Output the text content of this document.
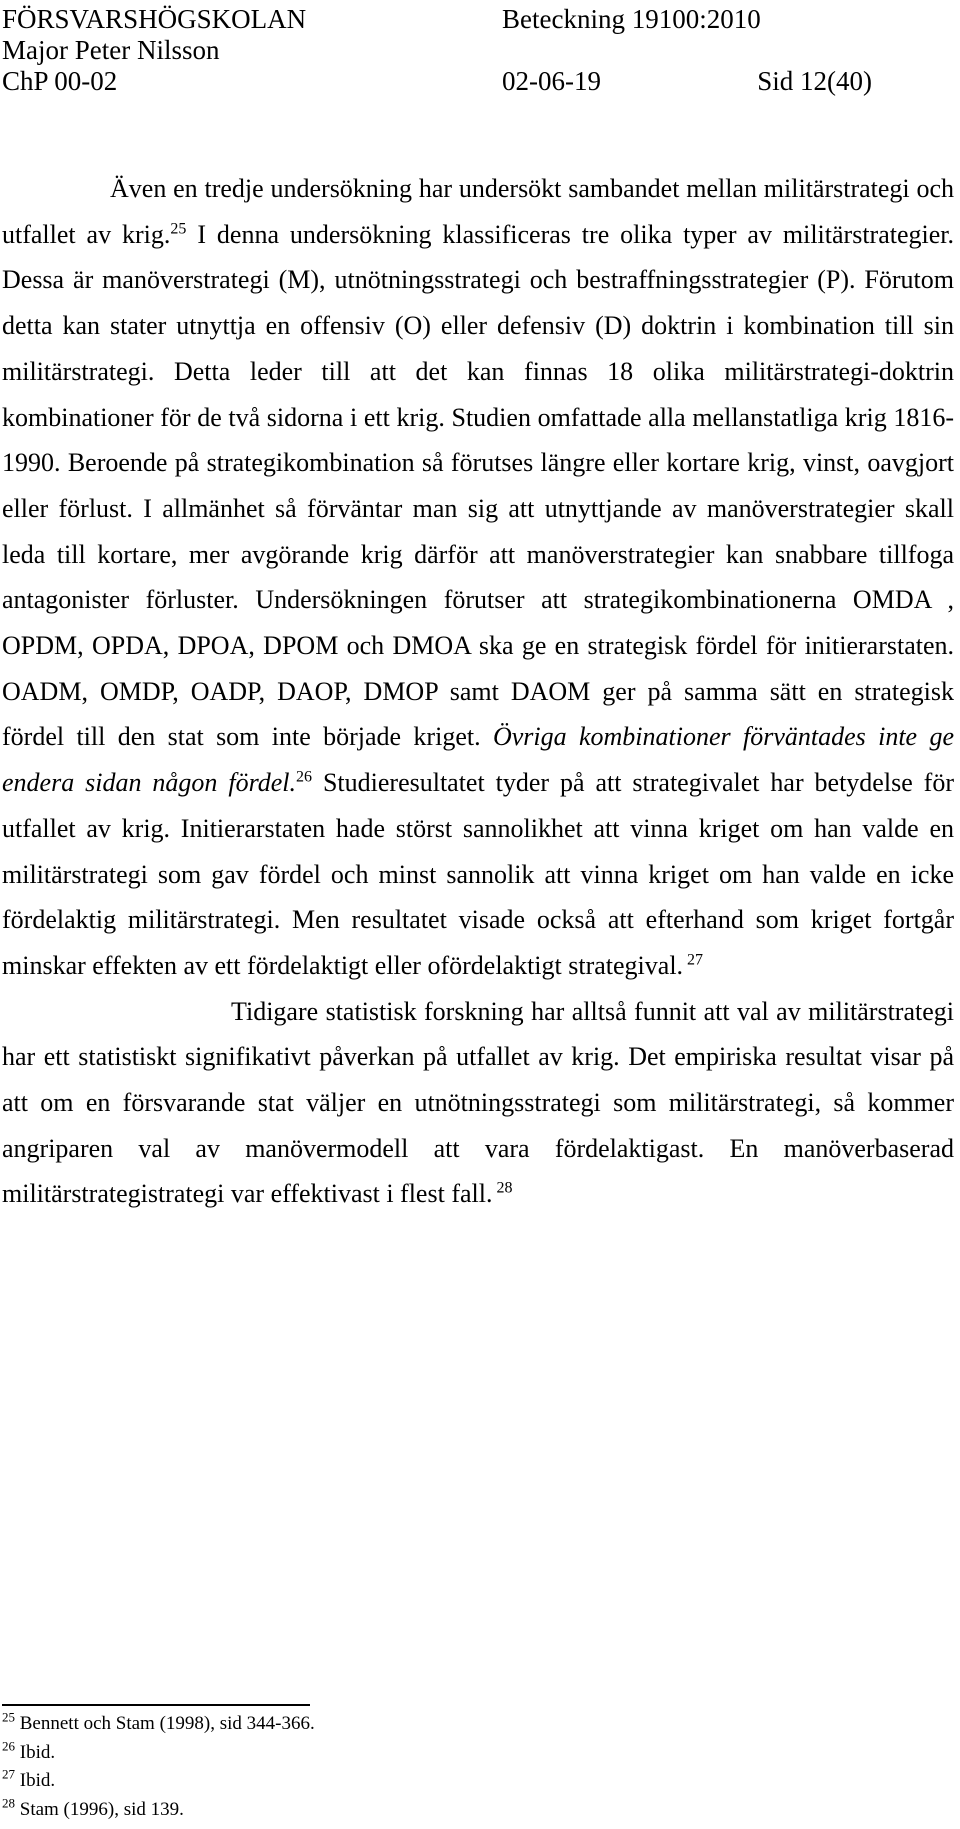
FÖRSVARSHÖGSKOLAN	Beteckning 19100:2010
Major Peter Nilsson
ChP 00-02	02-06-19	Sid 12(40)

Även en tredje undersökning har undersökt sambandet mellan militärstrategi och utfallet av krig.$^{25}$ I denna undersökning klassificeras tre olika typer av militärstrategier. Dessa är manöverstrategi (M), utnötningsstrategi och bestraffningsstrategier (P). Förutom detta kan stater utnyttja en offensiv (O) eller defensiv (D) doktrin i kombination till sin militärstrategi. Detta leder till att det kan finnas 18 olika militärstrategi-doktrin kombinationer för de två sidorna i ett krig. Studien omfattade alla mellanstatliga krig 1816-1990. Beroende på strategikombination så förutses längre eller kortare krig, vinst, oavgjort eller förlust. I allmänhet så förväntar man sig att utnyttjande av manöverstrategier skall leda till kortare, mer avgörande krig därför att manöverstrategier kan snabbare tillfoga antagonister förluster. Undersökningen förutser att strategikombinationerna OMDA , OPDM, OPDA, DPOA, DPOM och DMOA ska ge en strategisk fördel för initierarstaten. OADM, OMDP, OADP, DAOP, DMOP samt DAOM ger på samma sätt en strategisk fördel till den stat som inte började kriget. Övriga kombinationer förväntades inte ge endera sidan någon fördel.$^{26}$ Studieresultatet tyder på att strategivalet har betydelse för utfallet av krig. Initierarstaten hade störst sannolikhet att vinna kriget om han valde en militärstrategi som gav fördel och minst sannolik att vinna kriget om han valde en icke fördelaktig militärstrategi. Men resultatet visade också att efterhand som kriget fortgår minskar effekten av ett fördelaktigt eller ofördelaktigt strategival. $^{27}$

Tidigare statistisk forskning har alltså funnit att val av militärstrategi har ett statistiskt signifikativt påverkan på utfallet av krig. Det empiriska resultat visar på att om en försvarande stat väljer en utnötningsstrategi som militärstrategi, så kommer angriparen val av manövermodell att vara fördelaktigast. En manöverbaserad militärstrategistrategi var effektivast i flest fall. $^{28}$

$^{25}$ Bennett och Stam (1998), sid 344-366.
$^{26}$ Ibid.
$^{27}$ Ibid.
$^{28}$ Stam (1996), sid 139.
